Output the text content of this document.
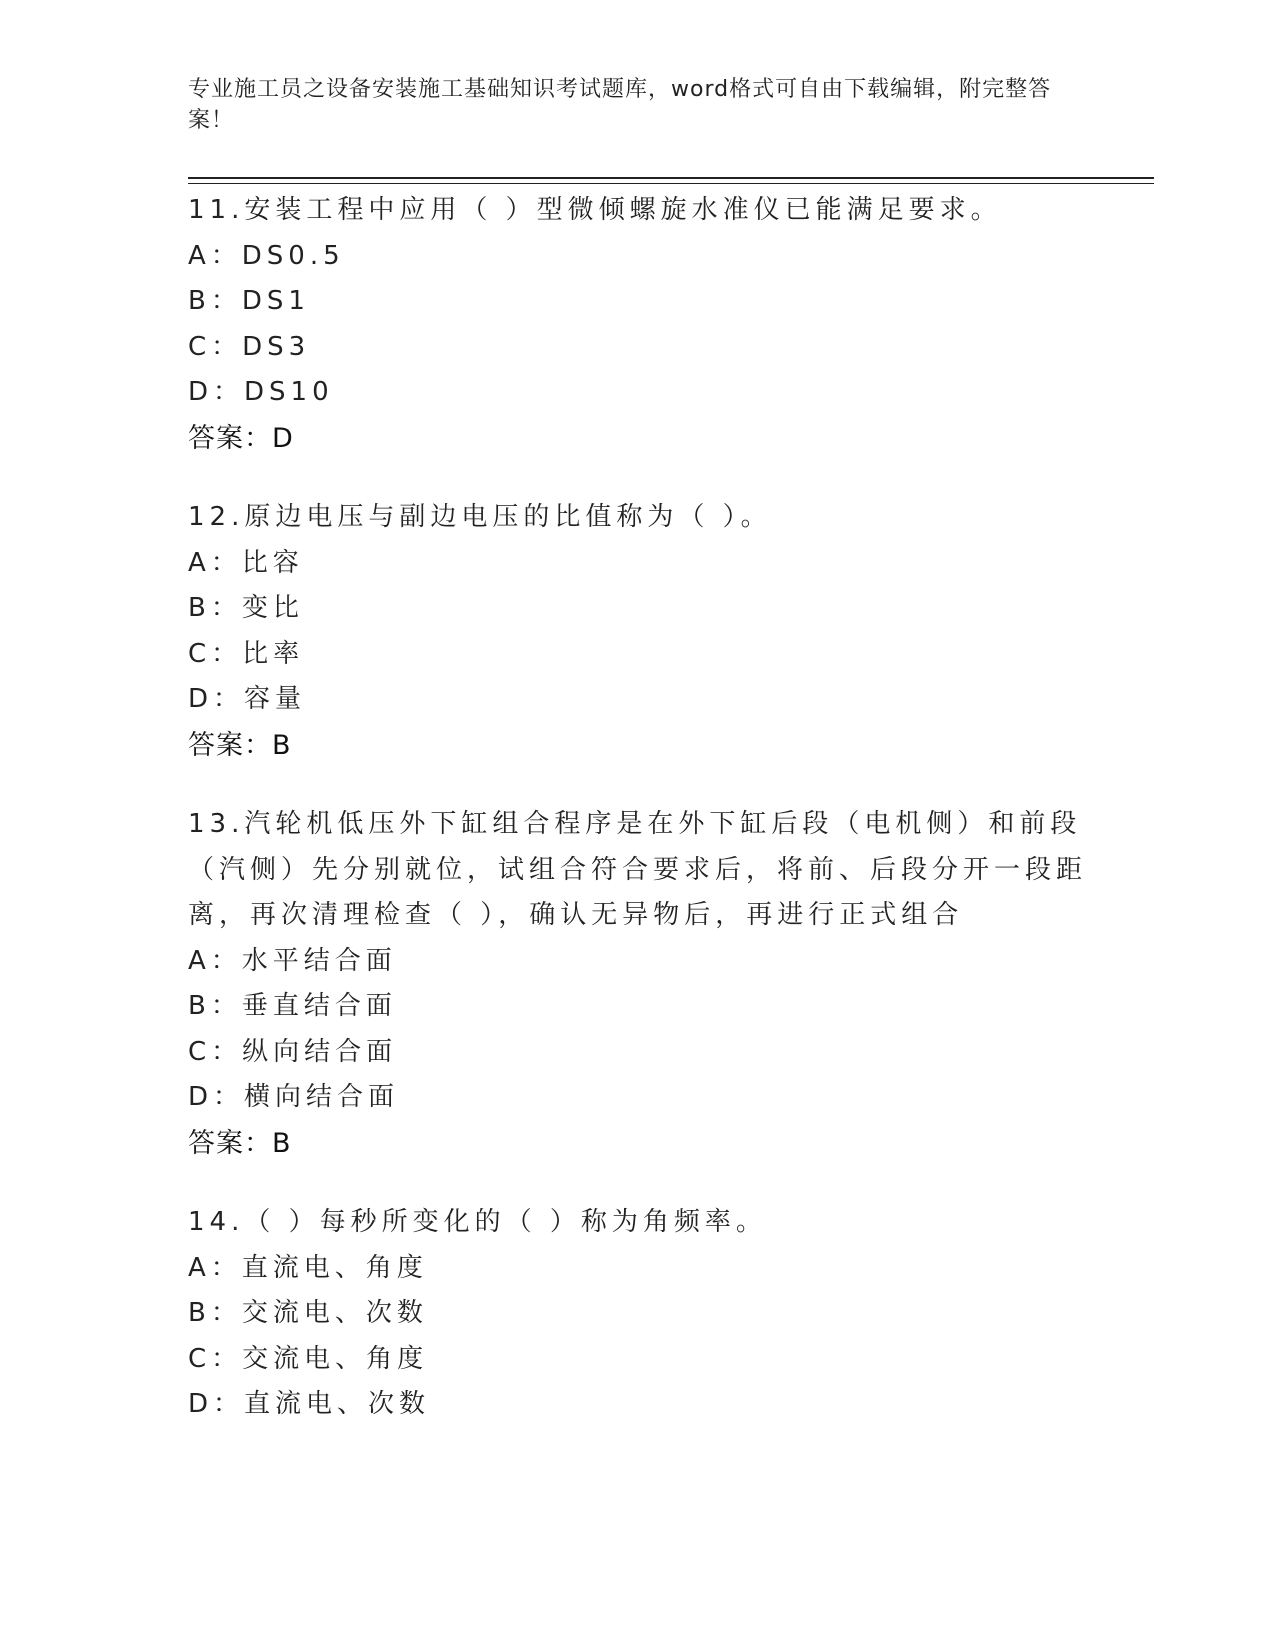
专业施工员之设备安装施工基础知识考试题库，word格式可自由下载编辑，附完整答案！
11.安装工程中应用（ ）型微倾螺旋水准仪已能满足要求。
A：DS0.5
B：DS1
C：DS3
D：DS10
答案：D
12.原边电压与副边电压的比值称为（ ）。
A：比容
B：变比
C：比率
D：容量
答案：B
13.汽轮机低压外下缸组合程序是在外下缸后段（电机侧）和前段（汽侧）先分别就位，试组合符合要求后，将前、后段分开一段距离，再次清理检查（ ），确认无异物后，再进行正式组合
A：水平结合面
B：垂直结合面
C：纵向结合面
D：横向结合面
答案：B
14.（ ）每秒所变化的（ ）称为角频率。
A：直流电、角度
B：交流电、次数
C：交流电、角度
D：直流电、次数
